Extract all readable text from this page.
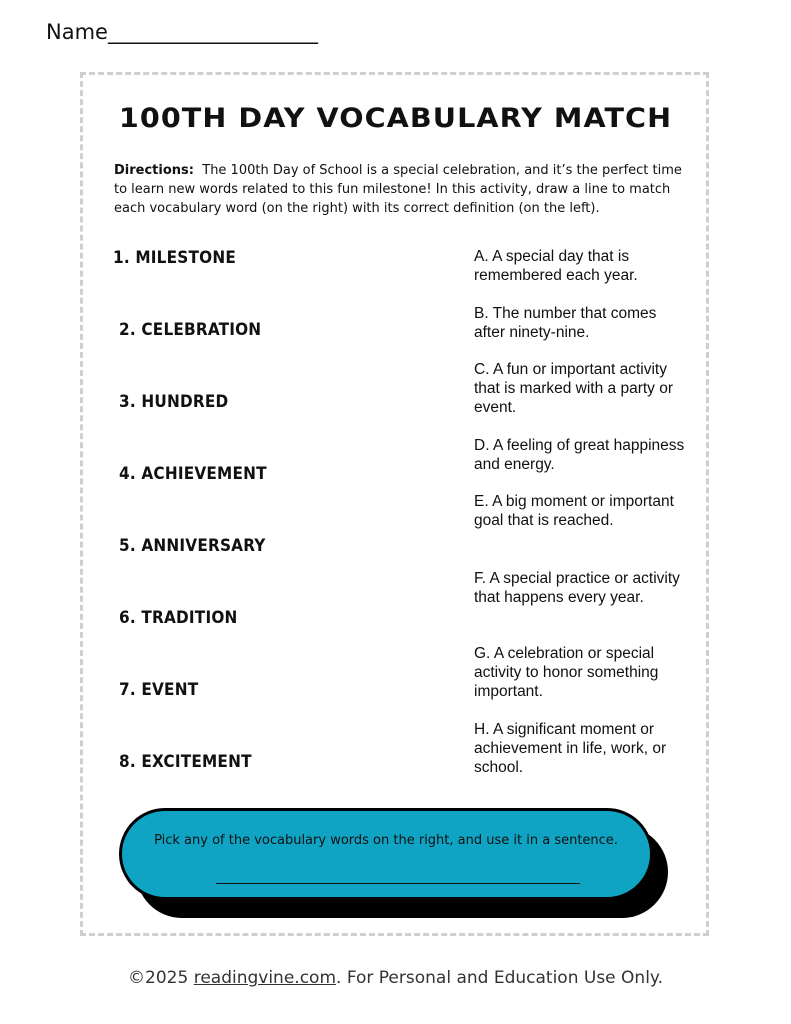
Name____________________
100TH DAY VOCABULARY MATCH
Directions: The 100th Day of School is a special celebration, and it’s the perfect time to learn new words related to this fun milestone! In this activity, draw a line to match each vocabulary word (on the right) with its correct definition (on the left).
1. MILESTONE
2. CELEBRATION
3. HUNDRED
4. ACHIEVEMENT
5. ANNIVERSARY
6. TRADITION
7. EVENT
8. EXCITEMENT
A. A special day that is remembered each year.
B. The number that comes after ninety-nine.
C. A fun or important activity that is marked with a party or event.
D. A feeling of great happiness and energy.
E. A big moment or important goal that is reached.
F. A special practice or activity that happens every year.
G. A celebration or special activity to honor something important.
H. A significant moment or achievement in life, work, or school.
Pick any of the vocabulary words on the right, and use it in a sentence.
©2025 readingvine.com. For Personal and Education Use Only.
